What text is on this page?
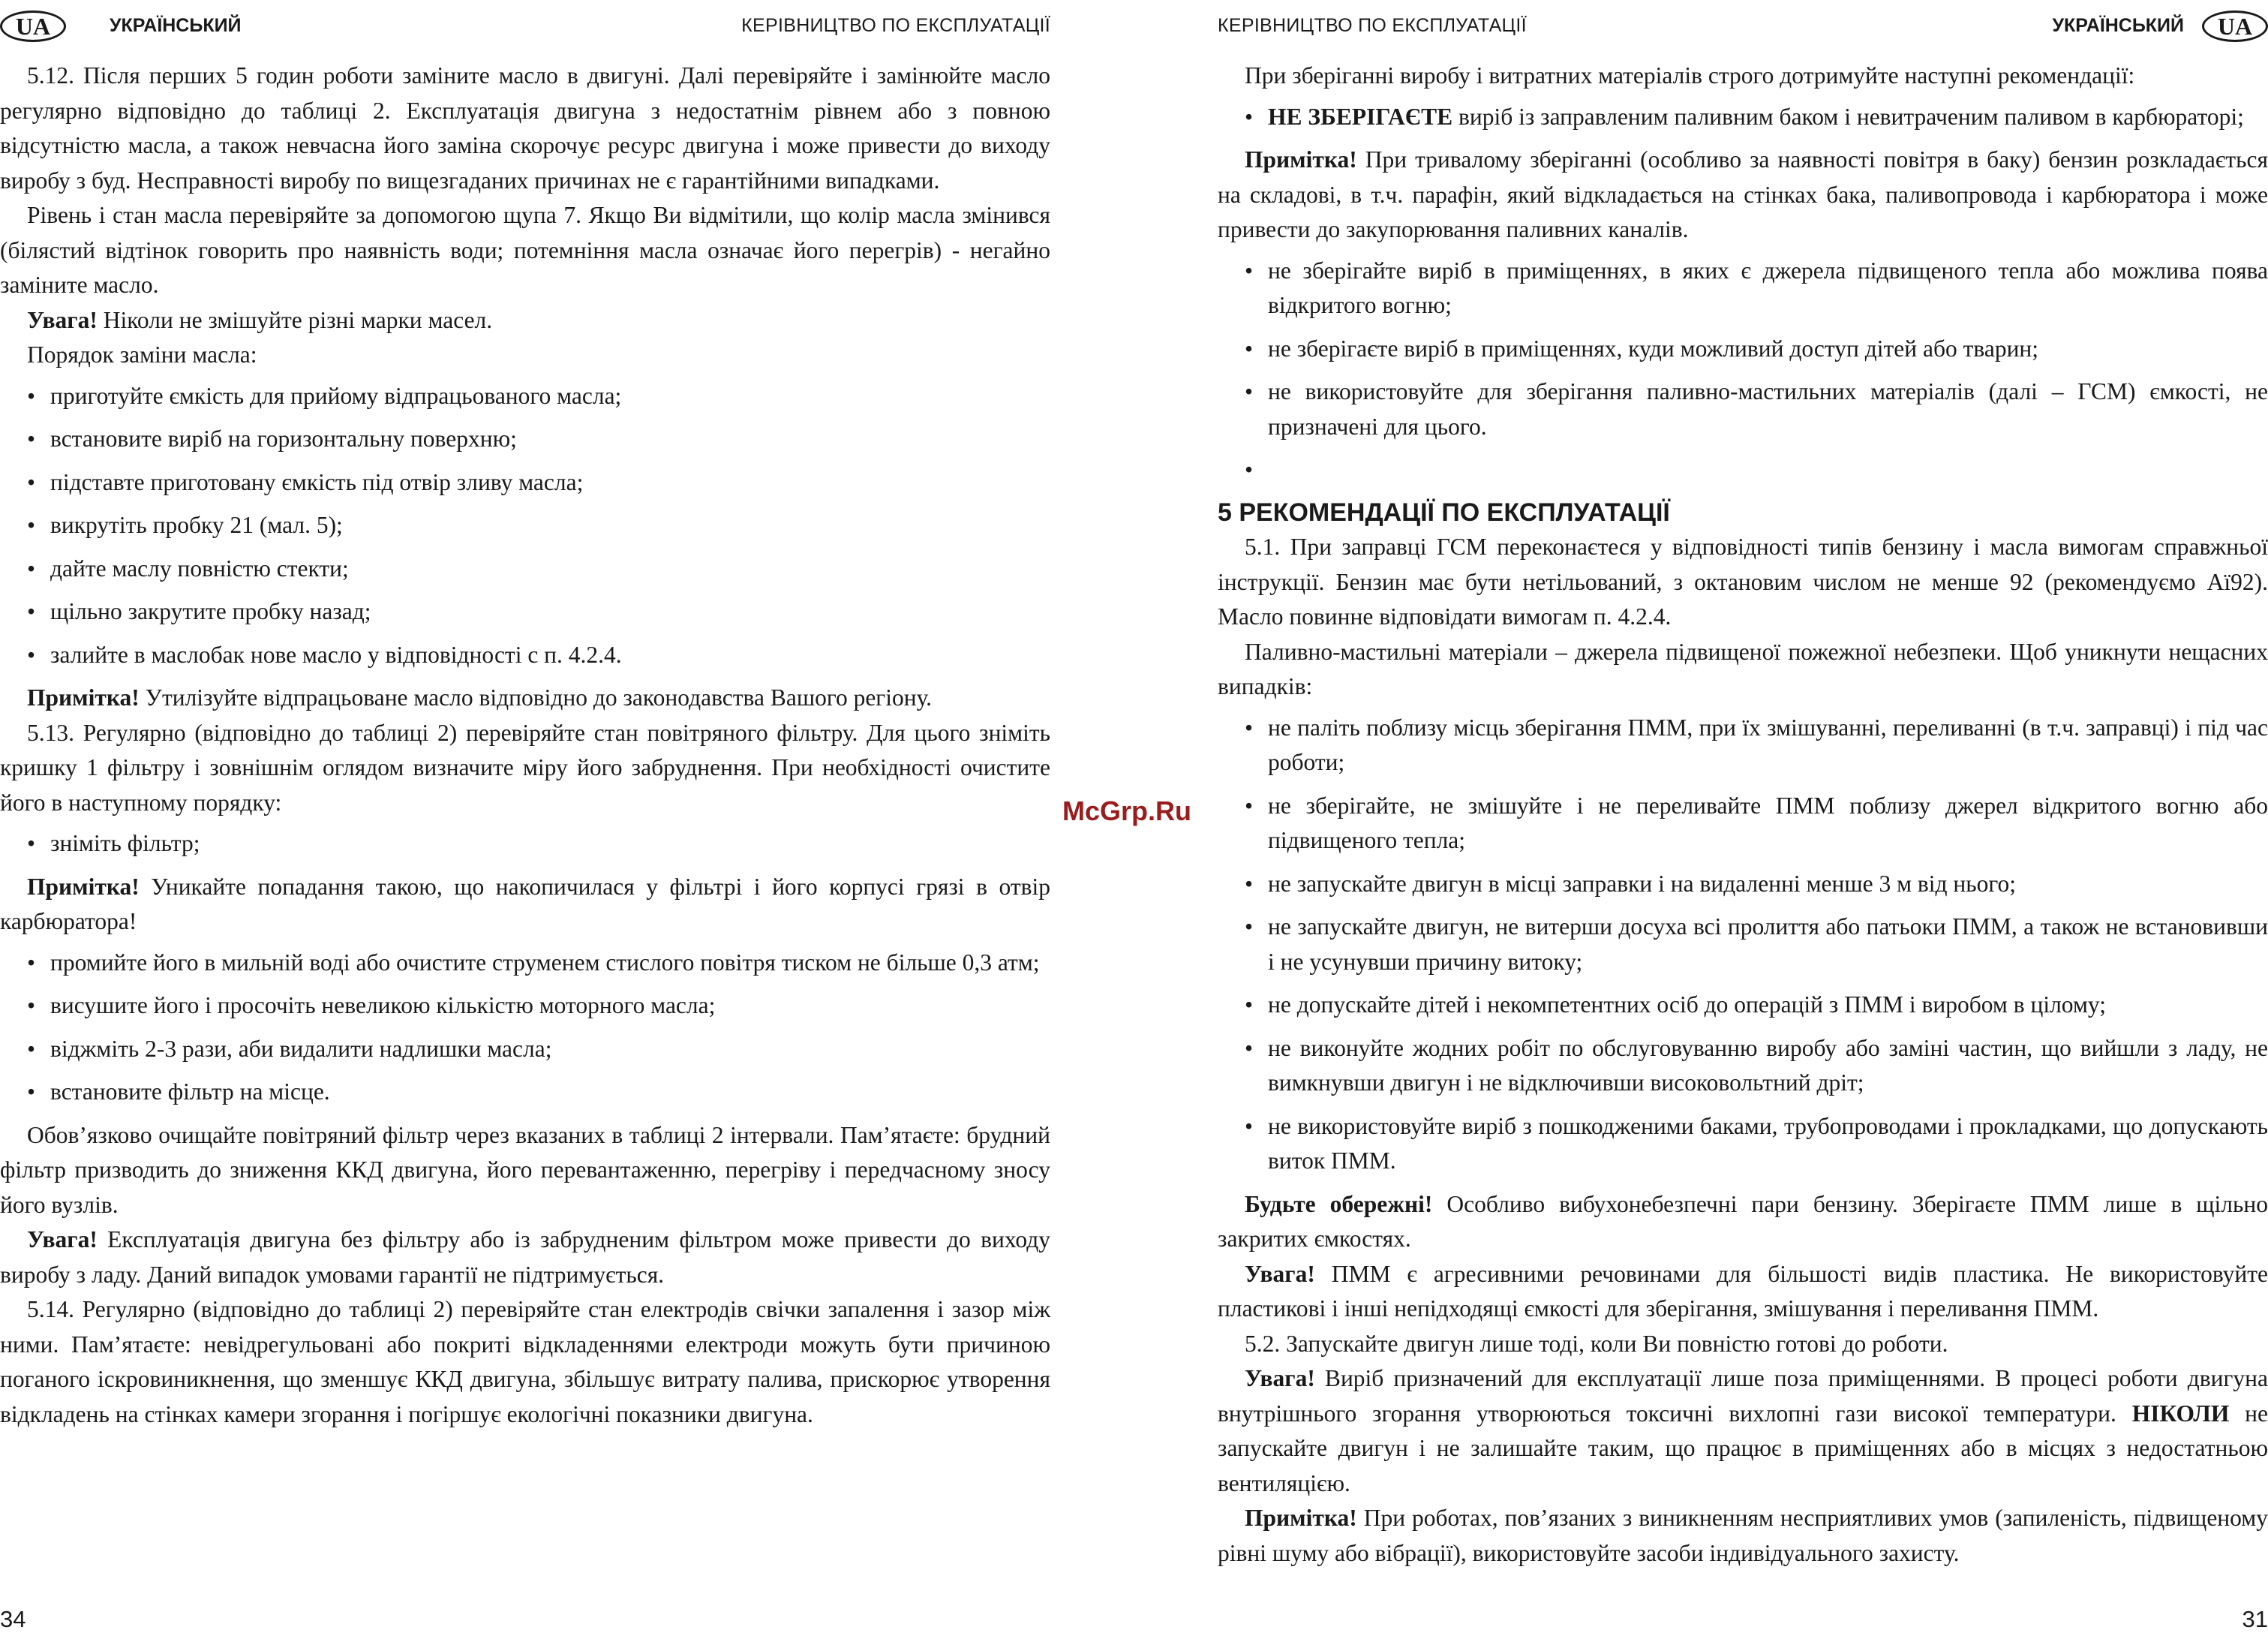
UA	УКРАЇНСЬКИЙ	КЕРІВНИЦТВО ПО ЕКСПЛУАТАЦІЇ

5.12. Після перших 5 годин роботи заміните масло в двигуні. Далі перевіряйте і замінюйте масло регулярно відповідно до таблиці 2. Експлуатація двигуна з недостатнім рівнем або з повною відсутністю масла, а також невчасна його заміна скорочує ресурс двигуна і може привести до виходу виробу з буд. Несправності виробу по вищезгаданих причинах не є гарантійними випадками.

Рівень і стан масла перевіряйте за допомогою щупа 7. Якщо Ви відмітили, що колір масла змінився (білястий відтінок говорить про наявність води; потемніння масла означає його перегрів) - негайно заміните масло.

Увага! Ніколи не змішуйте різні марки масел.

Порядок заміни масла:

• приготуйте ємкість для прийому відпрацьованого масла;
• встановите виріб на горизонтальну поверхню;
• підставте приготовану ємкість під отвір зливу масла;
• викрутіть пробку 21 (мал. 5);
• дайте маслу повністю стекти;
• щільно закрутите пробку назад;
• залийте в маслобак нове масло у відповідності с п. 4.2.4.

Примітка! Утилізуйте відпрацьоване масло відповідно до законодавства Вашого регіону.

5.13. Регулярно (відповідно до таблиці 2) перевіряйте стан повітряного фільтру. Для цього зніміть кришку 1 фільтру і зовнішнім оглядом визначите міру його забруднення. При необхідності очистите його в наступному порядку:

• зніміть фільтр;

Примітка! Уникайте попадання такою, що накопичилася у фільтрі і його корпусі грязі в отвір карбюратора!

• промийте його в мильній воді або очистите струменем стислого повітря тиском не більше 0,3 атм;
• висушите його і просочіть невеликою кількістю моторного масла;
• віджміть 2-3 рази, аби видалити надлишки масла;
• встановите фільтр на місце.

Обов’язково очищайте повітряний фільтр через вказаних в таблиці 2 інтервали. Пам’ятаєте: брудний фільтр призводить до зниження ККД двигуна, його перевантаженню, перегріву і передчасному зносу його вузлів.

Увага! Експлуатація двигуна без фільтру або із забрудненим фільтром може привести до виходу виробу з ладу. Даний випадок умовами гарантії не підтримується.

5.14. Регулярно (відповідно до таблиці 2) перевіряйте стан електродів свічки запалення і зазор між ними. Пам’ятаєте: невідрегульовані або покриті відкладеннями електроди можуть бути причиною поганого іскровиникнення, що зменшує ККД двигуна, збільшує витрату палива, прискорює утворення відкладень на стінках камери згорання і погіршує екологічні показники двигуна.

34
McGrp.Ru
КЕРІВНИЦТВО ПО ЕКСПЛУАТАЦІЇ	УКРАЇНСЬКИЙ	UA

При зберіганні виробу і витратних матеріалів строго дотримуйте наступні рекомендації:

• НЕ ЗБЕРІГАЄТЕ виріб із заправленим паливним баком і невитраченим паливом в карбюраторі;

Примітка! При тривалому зберіганні (особливо за наявності повітря в баку) бензин розкладається на складові, в т.ч. парафін, який відкладається на стінках бака, паливопровода і карбюратора і може привести до закупорювання паливних каналів.

• не зберігайте виріб в приміщеннях, в яких є джерела підвищеного тепла або можлива поява відкритого вогню;
• не зберігаєте виріб в приміщеннях, куди можливий доступ дітей або тварин;
• не використовуйте для зберігання паливно-мастильних матеріалів (далі – ГСМ) ємкості, не призначені для цього.
•

5 РЕКОМЕНДАЦІЇ ПО ЕКСПЛУАТАЦІЇ

5.1. При заправці ГСМ переконаєтеся у відповідності типів бензину і масла вимогам справжньої інструкції. Бензин має бути нетільований, з октановим числом не менше 92 (рекомендуємо Аї92). Масло повинне відповідати вимогам п. 4.2.4.

Паливно-мастильні матеріали – джерела підвищеної пожежної небезпеки. Щоб уникнути нещасних випадків:

• не паліть поблизу місць зберігання ПММ, при їх змішуванні, переливанні (в т.ч. заправці) і під час роботи;
• не зберігайте, не змішуйте і не переливайте ПММ поблизу джерел відкритого вогню або підвищеного тепла;
• не запускайте двигун в місці заправки і на видаленні менше 3 м від нього;
• не запускайте двигун, не витерши досуха всі пролиття або патьоки ПММ, а також не встановивши і не усунувши причину витоку;
• не допускайте дітей і некомпетентних осіб до операцій з ПММ і виробом в цілому;
• не виконуйте жодних робіт по обслуговуванню виробу або заміні частин, що вийшли з ладу, не вимкнувши двигун і не відключивши високовольтний дріт;
• не використовуйте виріб з пошкодженими баками, трубопроводами і прокладками, що допускають виток ПММ.

Будьте обережні! Особливо вибухонебезпечні пари бензину. Зберігаєте ПММ лише в щільно закритих ємкостях.

Увага! ПММ є агресивними речовинами для більшості видів пластика. Не використовуйте пластикові і інші непідходящі ємкості для зберігання, змішування і переливання ПММ.

5.2. Запускайте двигун лише тоді, коли Ви повністю готові до роботи.

Увага! Виріб призначений для експлуатації лише поза приміщеннями. В процесі роботи двигуна внутрішнього згорання утворюються токсичні вихлопні гази високої температури. НІКОЛИ не запускайте двигун і не залишайте таким, що працює в приміщеннях або в місцях з недостатньою вентиляцією.

Примітка! При роботах, пов’язаних з виникненням несприятливих умов (запиленість, підвищеному рівні шуму або вібрації), використовуйте засоби індивідуального захисту.

31
